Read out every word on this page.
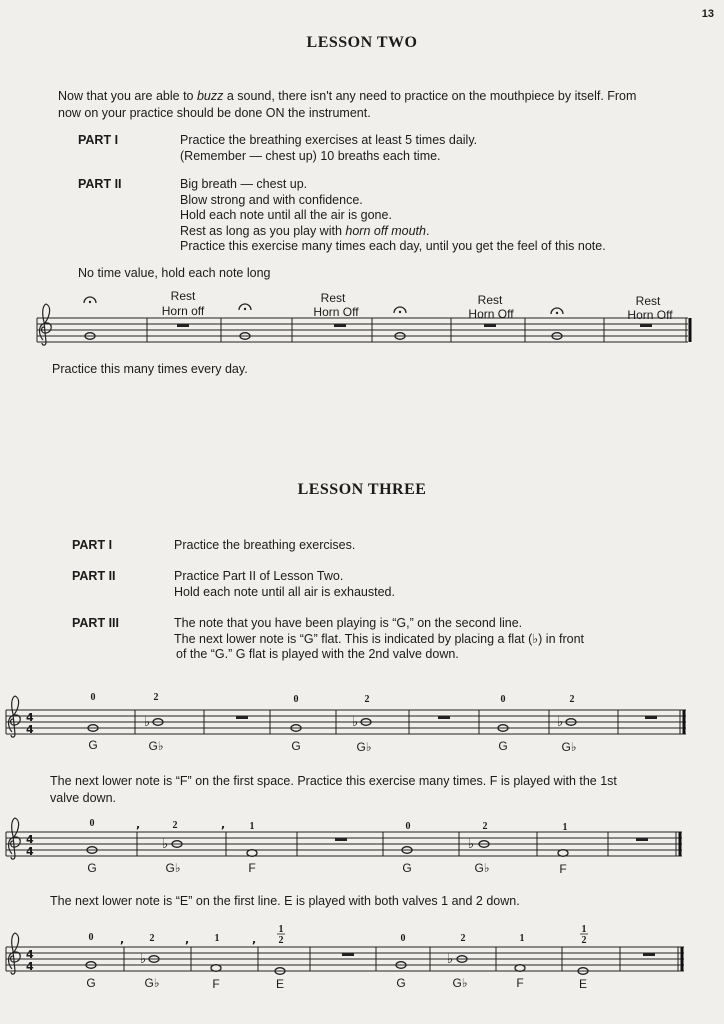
13
LESSON TWO
Now that you are able to buzz a sound, there isn't any need to practice on the mouthpiece by itself. From
now on your practice should be done ON the instrument.
PART I	Practice the breathing exercises at least 5 times daily.
(Remember — chest up) 10 breaths each time.
PART II	Big breath — chest up.
Blow strong and with confidence.
Hold each note until all the air is gone.
Rest as long as you play with horn off mouth.
Practice this exercise many times each day, until you get the feel of this note.
No time value, hold each note long
Practice this many times every day.
LESSON THREE
PART I	Practice the breathing exercises.
PART II	Practice Part II of Lesson Two.
Hold each note until all air is exhausted.
PART III	The note that you have been playing is “G,” on the second line.
The next lower note is “G” flat. This is indicated by placing a flat (♭) in front
of the “G.” G flat is played with the 2nd valve down.
The next lower note is “F” on the first space. Practice this exercise many times. F is played with the 1st
valve down.
The next lower note is “E” on the first line. E is played with both valves 1 and 2 down.
Rest
Horn off
Rest
Horn Off
Rest
Horn Off
Rest
Horn Off
4
4	♭	♭	♭
0	2	0	2	0	2
G	G♭	G	G♭	G	G♭
4
4	♭	♭
,	,
0	2	1	0	2	1
G	G♭	F	G	G♭	F
4
4	♭	♭
,	,	,
0	2	1
1
2	0	2	1
1
2
G	G♭	F	E	G	G♭	F	E
